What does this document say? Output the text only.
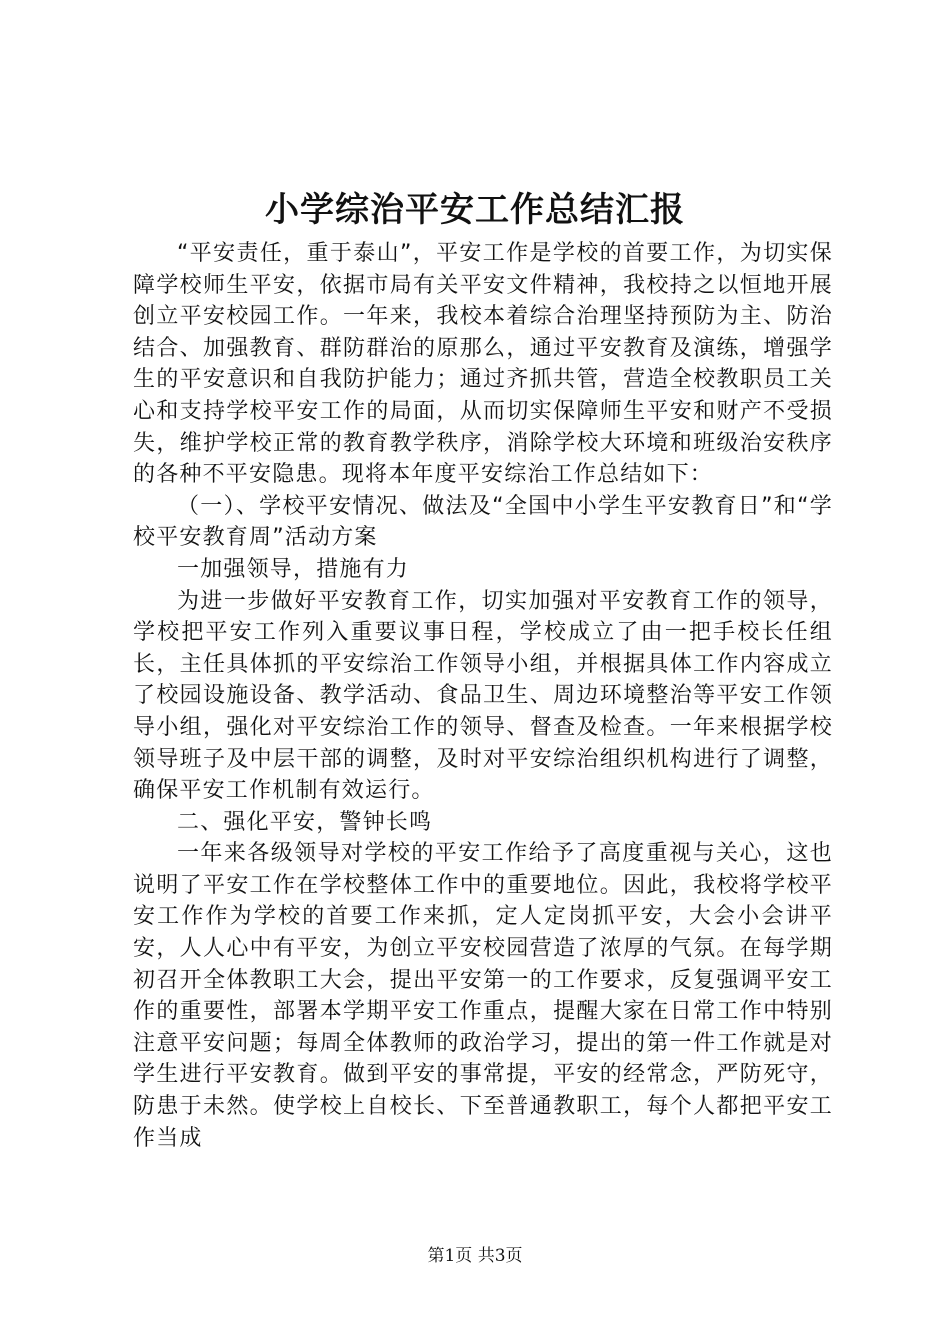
小学综治平安工作总结汇报

“平安责任，重于泰山”，平安工作是学校的首要工作，为切实保障学校师生平安，依据市局有关平安文件精神，我校持之以恒地开展创立平安校园工作。一年来，我校本着综合治理坚持预防为主、防治结合、加强教育、群防群治的原那么，通过平安教育及演练，增强学生的平安意识和自我防护能力；通过齐抓共管，营造全校教职员工关心和支持学校平安工作的局面，从而切实保障师生平安和财产不受损失，维护学校正常的教育教学秩序，消除学校大环境和班级治安秩序的各种不平安隐患。现将本年度平安综治工作总结如下：

（一）、学校平安情况、做法及“全国中小学生平安教育日”和“学校平安教育周”活动方案

一加强领导，措施有力

为进一步做好平安教育工作，切实加强对平安教育工作的领导，学校把平安工作列入重要议事日程，学校成立了由一把手校长任组长，主任具体抓的平安综治工作领导小组，并根据具体工作内容成立了校园设施设备、教学活动、食品卫生、周边环境整治等平安工作领导小组，强化对平安综治工作的领导、督查及检查。一年来根据学校领导班子及中层干部的调整，及时对平安综治组织机构进行了调整，确保平安工作机制有效运行。

二、强化平安，警钟长鸣

一年来各级领导对学校的平安工作给予了高度重视与关心，这也说明了平安工作在学校整体工作中的重要地位。因此，我校将学校平安工作作为学校的首要工作来抓，定人定岗抓平安，大会小会讲平安，人人心中有平安，为创立平安校园营造了浓厚的气氛。在每学期初召开全体教职工大会，提出平安第一的工作要求，反复强调平安工作的重要性，部署本学期平安工作重点，提醒大家在日常工作中特别注意平安问题；每周全体教师的政治学习，提出的第一件工作就是对学生进行平安教育。做到平安的事常提，平安的经常念，严防死守，防患于未然。使学校上自校长、下至普通教职工，每个人都把平安工作当成

第1页 共3页
